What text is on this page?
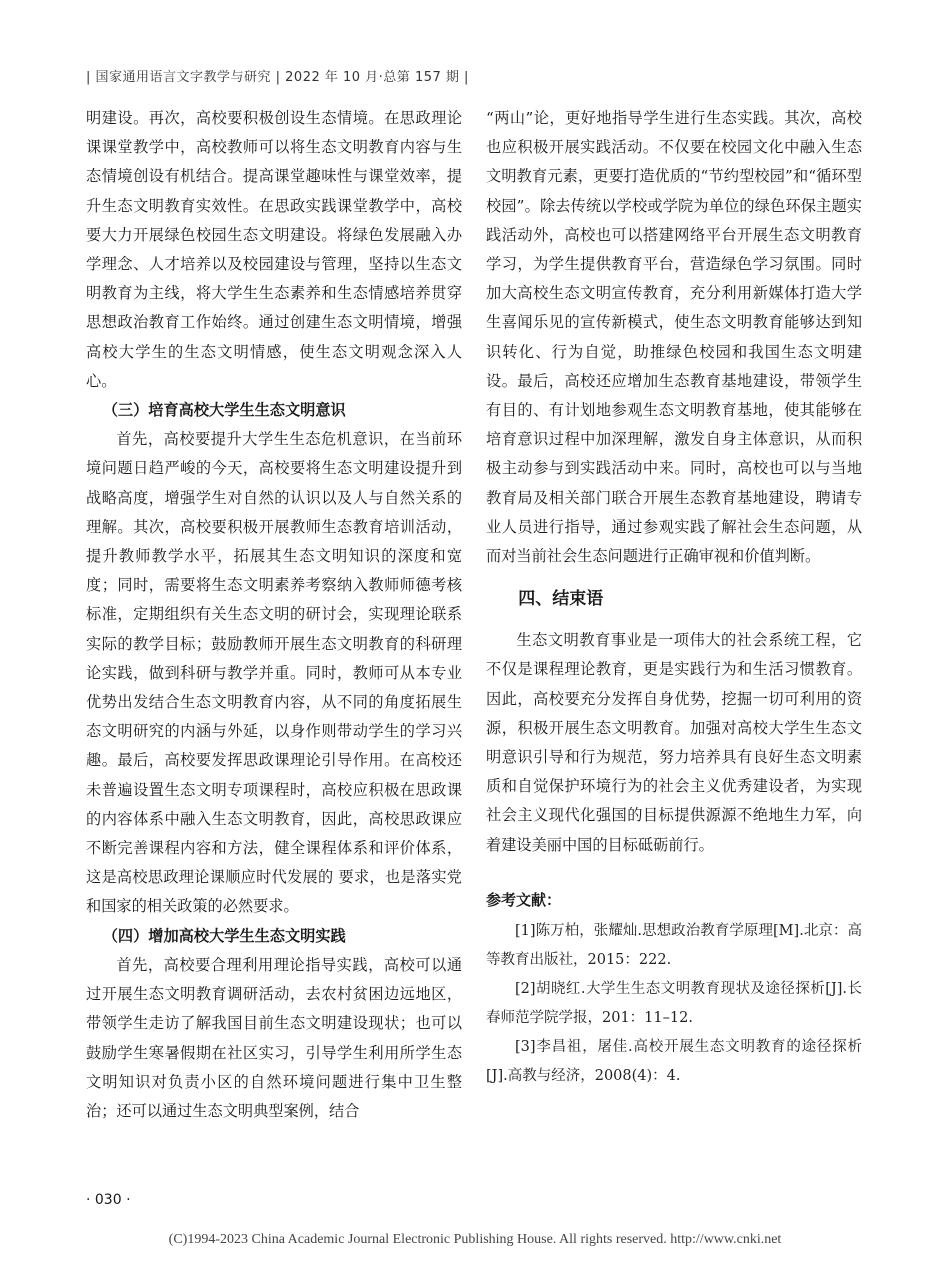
| 国家通用语言文字教学与研究 | 2022 年 10 月·总第 157 期 |

明建设。再次，高校要积极创设生态情境。在思政理论课课堂教学中，高校教师可以将生态文明教育内容与生态情境创设有机结合。提高课堂趣味性与课堂效率，提升生态文明教育实效性。在思政实践课堂教学中，高校要大力开展绿色校园生态文明建设。将绿色发展融入办学理念、人才培养以及校园建设与管理，坚持以生态文明教育为主线，将大学生生态素养和生态情感培养贯穿思想政治教育工作始终。通过创建生态文明情境，增强高校大学生的生态文明情感，使生态文明观念深入人心。

（三）培育高校大学生生态文明意识

首先，高校要提升大学生生态危机意识，在当前环境问题日趋严峻的今天，高校要将生态文明建设提升到战略高度，增强学生对自然的认识以及人与自然关系的理解。其次，高校要积极开展教师生态教育培训活动，提升教师教学水平，拓展其生态文明知识的深度和宽度；同时，需要将生态文明素养考察纳入教师师德考核标准，定期组织有关生态文明的研讨会，实现理论联系实际的教学目标；鼓励教师开展生态文明教育的科研理论实践，做到科研与教学并重。同时，教师可从本专业优势出发结合生态文明教育内容，从不同的角度拓展生态文明研究的内涵与外延，以身作则带动学生的学习兴趣。最后，高校要发挥思政课理论引导作用。在高校还未普遍设置生态文明专项课程时，高校应积极在思政课的内容体系中融入生态文明教育，因此，高校思政课应不断完善课程内容和方法，健全课程体系和评价体系，这是高校思政理论课顺应时代发展的 要求，也是落实党和国家的相关政策的必然要求。

（四）增加高校大学生生态文明实践

首先，高校要合理利用理论指导实践，高校可以通过开展生态文明教育调研活动，去农村贫困边远地区，带领学生走访了解我国目前生态文明建设现状；也可以鼓励学生寒暑假期在社区实习，引导学生利用所学生态文明知识对负责小区的自然环境问题进行集中卫生整治；还可以通过生态文明典型案例，结合

“两山”论，更好地指导学生进行生态实践。其次，高校也应积极开展实践活动。不仅要在校园文化中融入生态文明教育元素，更要打造优质的“节约型校园”和“循环型校园”。除去传统以学校或学院为单位的绿色环保主题实践活动外，高校也可以搭建网络平台开展生态文明教育学习，为学生提供教育平台，营造绿色学习氛围。同时加大高校生态文明宣传教育，充分利用新媒体打造大学生喜闻乐见的宣传新模式，使生态文明教育能够达到知识转化、行为自觉，助推绿色校园和我国生态文明建设。最后，高校还应增加生态教育基地建设，带领学生有目的、有计划地参观生态文明教育基地，使其能够在培育意识过程中加深理解，激发自身主体意识，从而积极主动参与到实践活动中来。同时，高校也可以与当地教育局及相关部门联合开展生态教育基地建设，聘请专业人员进行指导，通过参观实践了解社会生态问题，从而对当前社会生态问题进行正确审视和价值判断。

四、结束语

生态文明教育事业是一项伟大的社会系统工程，它不仅是课程理论教育，更是实践行为和生活习惯教育。因此，高校要充分发挥自身优势，挖掘一切可利用的资源，积极开展生态文明教育。加强对高校大学生生态文明意识引导和行为规范，努力培养具有良好生态文明素质和自觉保护环境行为的社会主义优秀建设者，为实现社会主义现代化强国的目标提供源源不绝地生力军，向着建设美丽中国的目标砥砺前行。

参考文献：

[1]陈万柏，张耀灿.思想政治教育学原理[M].北京：高等教育出版社，2015：222.

[2]胡晓红.大学生生态文明教育现状及途径探析[J].长春师范学院学报，201：11–12.

[3]李昌祖，屠佳.高校开展生态文明教育的途径探析[J].高教与经济，2008(4)：4.

· 030 ·
(C)1994-2023 China Academic Journal Electronic Publishing House. All rights reserved. http://www.cnki.net
